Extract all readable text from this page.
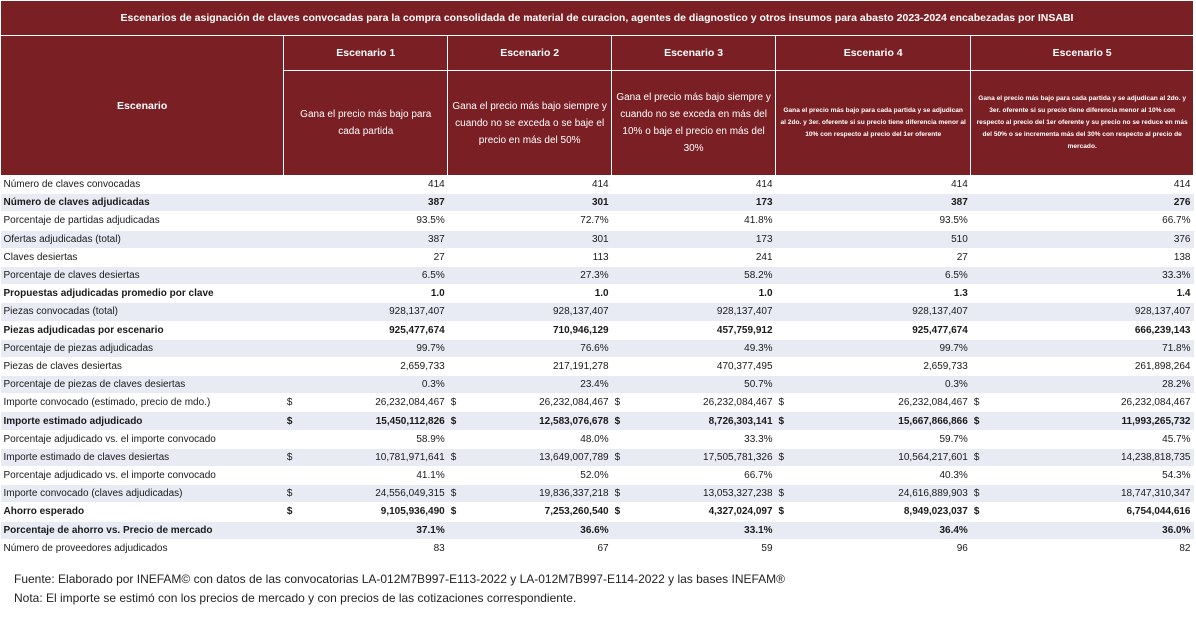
Escenarios de asignación de claves convocadas para la compra consolidada de material de curacion, agentes de diagnostico y otros insumos para abasto 2023-2024 encabezadas por INSABI										
Escenario	Escenario 1		Escenario 2		Escenario 3		Escenario 4		Escenario 5	
	Gana el precio más bajo para cada partida		Gana el precio más bajo siempre y cuando no se exceda o se baje el precio en más del 50%		Gana el precio más bajo siempre y cuando no se exceda en más del 10% o baje el precio en más del 30%		Gana el precio más bajo para cada partida y se adjudican al 2do. y 3er. oferente si su precio tiene diferencia menor al 10% con respecto al precio del 1er oferente		Gana el precio más bajo para cada partida y se adjudican al 2do. y 3er. oferente si su precio tiene diferencia menor al 10% con respecto al precio del 1er oferente y su precio no se reduce en más del 50% o se incrementa más del 30% con respecto al precio de mercado.	
Número de claves convocadas		414		414		414		414		414
Número de claves adjudicadas		387		301		173		387		276
Porcentaje de partidas adjudicadas		93.5%		72.7%		41.8%		93.5%		66.7%
Ofertas adjudicadas (total)		387		301		173		510		376
Claves desiertas		27		113		241		27		138
Porcentaje de claves desiertas		6.5%		27.3%		58.2%		6.5%		33.3%
Propuestas adjudicadas promedio por clave		1.0		1.0		1.0		1.3		1.4
Piezas convocadas (total)		928,137,407		928,137,407		928,137,407		928,137,407		928,137,407
Piezas adjudicadas por escenario		925,477,674		710,946,129		457,759,912		925,477,674		666,239,143
Porcentaje de piezas adjudicadas		99.7%		76.6%		49.3%		99.7%		71.8%
Piezas de claves desiertas		2,659,733		217,191,278		470,377,495		2,659,733		261,898,264
Porcentaje de piezas de claves desiertas		0.3%		23.4%		50.7%		0.3%		28.2%
Importe convocado (estimado, precio de mdo.)	$	26,232,084,467	$	26,232,084,467	$	26,232,084,467	$	26,232,084,467	$	26,232,084,467
Importe estimado adjudicado	$	15,450,112,826	$	12,583,076,678	$	8,726,303,141	$	15,667,866,866	$	11,993,265,732
Porcentaje adjudicado vs. el importe convocado		58.9%		48.0%		33.3%		59.7%		45.7%
Importe estimado de claves desiertas	$	10,781,971,641	$	13,649,007,789	$	17,505,781,326	$	10,564,217,601	$	14,238,818,735
Porcentaje adjudicado vs. el importe convocado		41.1%		52.0%		66.7%		40.3%		54.3%
Importe convocado (claves adjudicadas)	$	24,556,049,315	$	19,836,337,218	$	13,053,327,238	$	24,616,889,903	$	18,747,310,347
Ahorro esperado	$	9,105,936,490	$	7,253,260,540	$	4,327,024,097	$	8,949,023,037	$	6,754,044,616
Porcentaje de ahorro vs. Precio de mercado		37.1%		36.6%		33.1%		36.4%		36.0%
Número de proveedores adjudicados		83		67		59		96		82
Fuente: Elaborado por INEFAM© con datos de las convocatorias LA-012M7B997-E113-2022 y LA-012M7B997-E114-2022 y las bases INEFAM®
Nota: El importe se estimó con los precios de mercado y con precios de las cotizaciones correspondiente.
